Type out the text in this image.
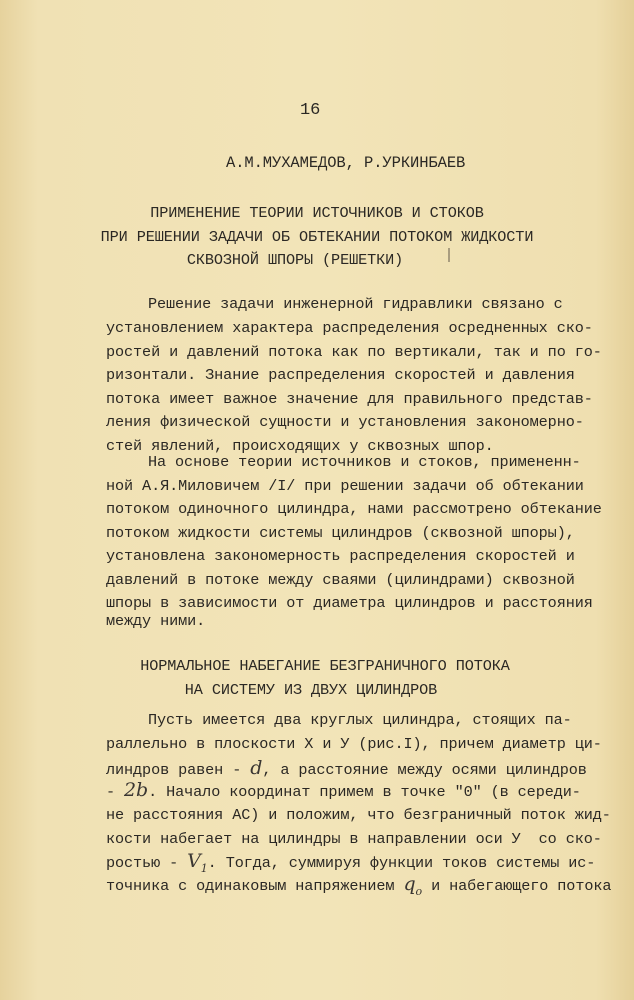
16
А.М.МУХАМЕДОВ, Р.УРКИНБАЕВ
ПРИМЕНЕНИЕ ТЕОРИИ ИСТОЧНИКОВ И СТОКОВ
ПРИ РЕШЕНИИ ЗАДАЧИ ОБ ОБТЕКАНИИ ПОТОКОМ ЖИДКОСТИ
СКВОЗНОЙ ШПОРЫ (РЕШЕТКИ)
Решение задачи инженерной гидравлики связано с
установлением характера распределения осредненных ско-
ростей и давлений потока как по вертикали, так и по го-
ризонтали. Знание распределения скоростей и давления
потока имеет важное значение для правильного представ-
ления физической сущности и установления закономерно-
стей явлений, происходящих у сквозных шпор.
На основе теории источников и стоков, примененн-
ной А.Я.Миловичем /I/ при решении задачи об обтекании
потоком одиночного цилиндра, нами рассмотрено обтекание
потоком жидкости системы цилиндров (сквозной шпоры),
установлена закономерность распределения скоростей и
давлений в потоке между сваями (цилиндрами) сквозной
шпоры в зависимости от диаметра цилиндров и расстояния
между ними.
НОРМАЛЬНОЕ НАБЕГАНИЕ БЕЗГРАНИЧНОГО ПОТОКА
НА СИСТЕМУ ИЗ ДВУХ ЦИЛИНДРОВ
Пусть имеется два круглых цилиндра, стоящих па-
раллельно в плоскости X и У (рис.I), причем диаметр ци-
линдров равен - d, а расстояние между осями цилиндров
- 2b. Начало координат примем в точке "0" (в середи-
не расстояния АС) и положим, что безграничный поток жид-
кости набегает на цилиндры в направлении оси У  со ско-
ростью - $V_1$. Тогда, суммируя функции токов системы ис-
точника с одинаковым напряжением $q_o$ и набегающего потока
